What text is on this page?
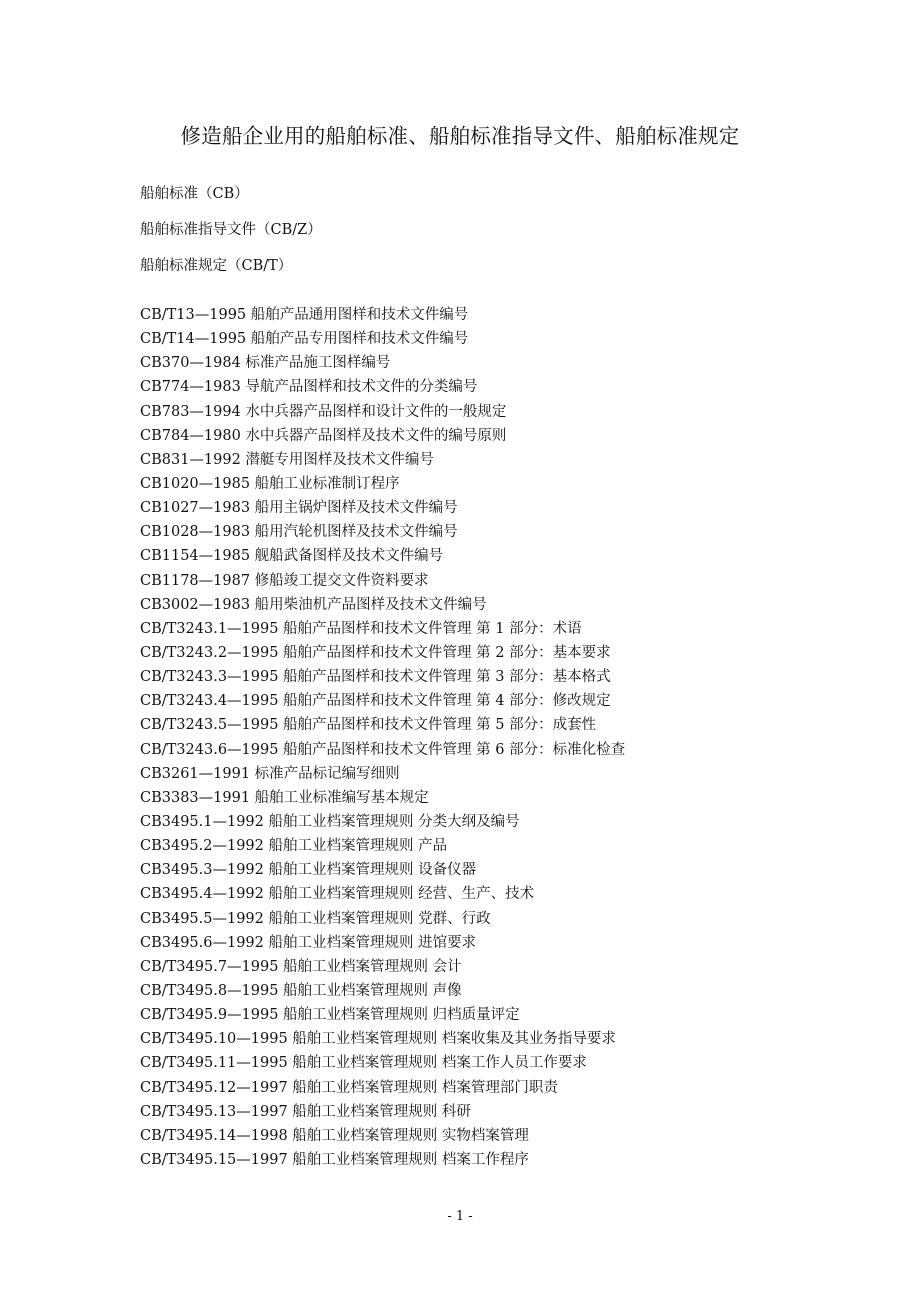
修造船企业用的船舶标准、船舶标准指导文件、船舶标准规定
船舶标准（CB）
船舶标准指导文件（CB/Z）
船舶标准规定（CB/T）
CB/T13—1995 船舶产品通用图样和技术文件编号
CB/T14—1995 船舶产品专用图样和技术文件编号
CB370—1984 标准产品施工图样编号
CB774—1983 导航产品图样和技术文件的分类编号
CB783—1994 水中兵器产品图样和设计文件的一般规定
CB784—1980 水中兵器产品图样及技术文件的编号原则
CB831—1992 潜艇专用图样及技术文件编号
CB1020—1985 船舶工业标准制订程序
CB1027—1983 船用主锅炉图样及技术文件编号
CB1028—1983 船用汽轮机图样及技术文件编号
CB1154—1985 舰船武备图样及技术文件编号
CB1178—1987 修船竣工提交文件资料要求
CB3002—1983 船用柴油机产品图样及技术文件编号
CB/T3243.1—1995 船舶产品图样和技术文件管理 第 1 部分：术语
CB/T3243.2—1995 船舶产品图样和技术文件管理 第 2 部分：基本要求
CB/T3243.3—1995 船舶产品图样和技术文件管理 第 3 部分：基本格式
CB/T3243.4—1995 船舶产品图样和技术文件管理 第 4 部分：修改规定
CB/T3243.5—1995 船舶产品图样和技术文件管理 第 5 部分：成套性
CB/T3243.6—1995 船舶产品图样和技术文件管理 第 6 部分：标准化检查
CB3261—1991 标准产品标记编写细则
CB3383—1991 船舶工业标准编写基本规定
CB3495.1—1992 船舶工业档案管理规则 分类大纲及编号
CB3495.2—1992 船舶工业档案管理规则 产品
CB3495.3—1992 船舶工业档案管理规则 设备仪器
CB3495.4—1992 船舶工业档案管理规则 经营、生产、技术
CB3495.5—1992 船舶工业档案管理规则 党群、行政
CB3495.6—1992 船舶工业档案管理规则 进馆要求
CB/T3495.7—1995 船舶工业档案管理规则 会计
CB/T3495.8—1995 船舶工业档案管理规则 声像
CB/T3495.9—1995 船舶工业档案管理规则 归档质量评定
CB/T3495.10—1995 船舶工业档案管理规则 档案收集及其业务指导要求
CB/T3495.11—1995 船舶工业档案管理规则 档案工作人员工作要求
CB/T3495.12—1997 船舶工业档案管理规则 档案管理部门职责
CB/T3495.13—1997 船舶工业档案管理规则 科研
CB/T3495.14—1998 船舶工业档案管理规则 实物档案管理
CB/T3495.15—1997 船舶工业档案管理规则 档案工作程序
- 1 -
